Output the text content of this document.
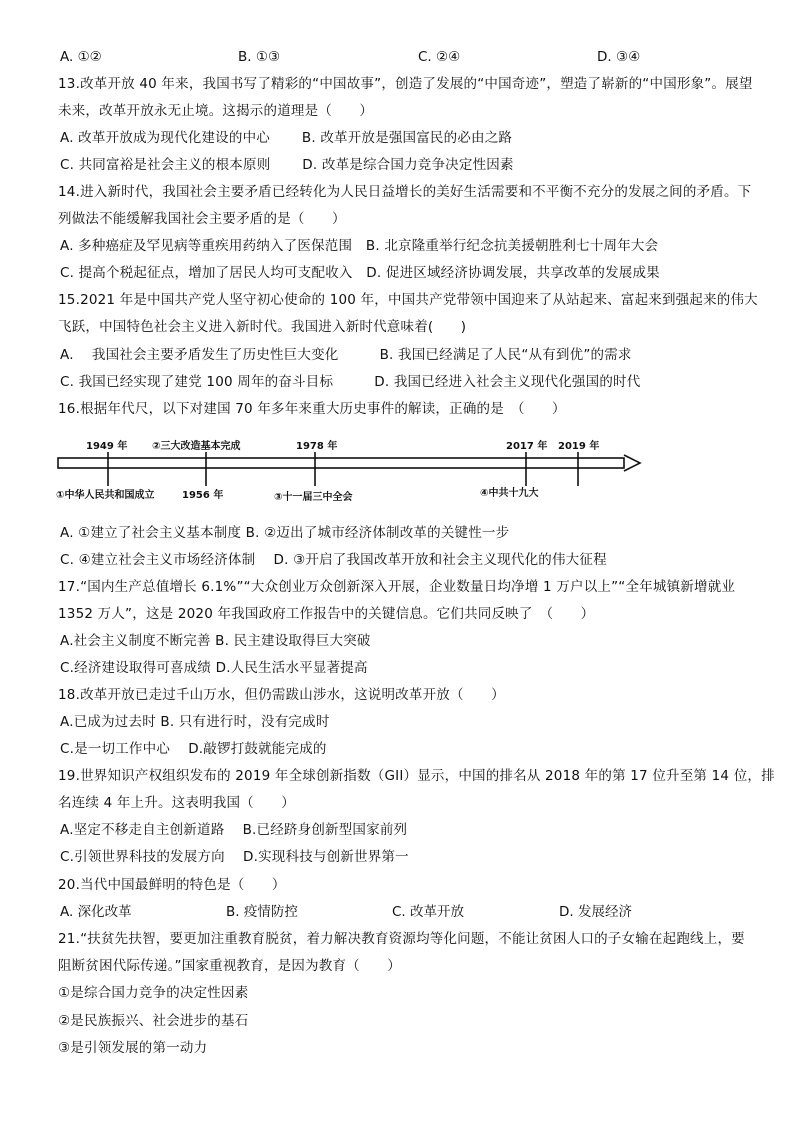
A. ①②	B. ①③	C. ②④	D. ③④
13.改革开放 40 年来，我国书写了精彩的“中国故事”，创造了发展的“中国奇迹”，塑造了崭新的“中国形象”。展望
未来，改革开放永无止境。这揭示的道理是（　　）
A. 改革开放成为现代化建设的中心　　 B. 改革开放是强国富民的必由之路
C. 共同富裕是社会主义的根本原则　　 D. 改革是综合国力竞争决定性因素
14.进入新时代，我国社会主要矛盾已经转化为人民日益增长的美好生活需要和不平衡不充分的发展之间的矛盾。下
列做法不能缓解我国社会主要矛盾的是（　　）
A. 多种癌症及罕见病等重疾用药纳入了医保范围　B. 北京隆重举行纪念抗美援朝胜利七十周年大会
C. 提高个税起征点，增加了居民人均可支配收入　D. 促进区域经济协调发展，共享改革的发展成果
15.2021 年是中国共产党人坚守初心使命的 100 年，中国共产党带领中国迎来了从站起来、富起来到强起来的伟大
飞跃，中国特色社会主义进入新时代。我国进入新时代意味着(　　)
A.　 我国社会主要矛盾发生了历史性巨大变化　　　B. 我国已经满足了人民“从有到优”的需求
C. 我国已经实现了建党 100 周年的奋斗目标　　　D. 我国已经进入社会主义现代化强国的时代
16.根据年代尺，以下对建国 70 年多年来重大历史事件的解读，正确的是　（　　）
1949 年 ②三大改造基本完成	1978 年	2017 年 2019 年
①中华人民共和国成立	1956 年	③十一届三中全会	④中共十九大
A. ①建立了社会主义基本制度 B. ②迈出了城市经济体制改革的关键性一步
C. ④建立社会主义市场经济体制　 D. ③开启了我国改革开放和社会主义现代化的伟大征程
17.“国内生产总值增长 6.1%”“大众创业万众创新深入开展，企业数量日均净增 1 万户以上”“全年城镇新增就业
1352 万人”，这是 2020 年我国政府工作报告中的关键信息。它们共同反映了　（　　）
A.社会主义制度不断完善 B. 民主建设取得巨大突破
C.经济建设取得可喜成绩 D.人民生活水平显著提高
18.改革开放已走过千山万水，但仍需跋山涉水，这说明改革开放（　　）
A.已成为过去时 B. 只有进行时，没有完成时
C.是一切工作中心　 D.敲锣打鼓就能完成的
19.世界知识产权组织发布的 2019 年全球创新指数（GII）显示，中国的排名从 2018 年的第 17 位升至第 14 位，排
名连续 4 年上升。这表明我国（　　）
A.坚定不移走自主创新道路　 B.已经跻身创新型国家前列
C.引领世界科技的发展方向　 D.实现科技与创新世界第一
20.当代中国最鲜明的特色是（　　）
A. 深化改革	B. 疫情防控	C. 改革开放	D. 发展经济
21.“扶贫先扶智，要更加注重教育脱贫，着力解决教育资源均等化问题，不能让贫困人口的子女输在起跑线上，要
阻断贫困代际传递。”国家重视教育，是因为教育（　　）
①是综合国力竞争的决定性因素
②是民族振兴、社会进步的基石
③是引领发展的第一动力
